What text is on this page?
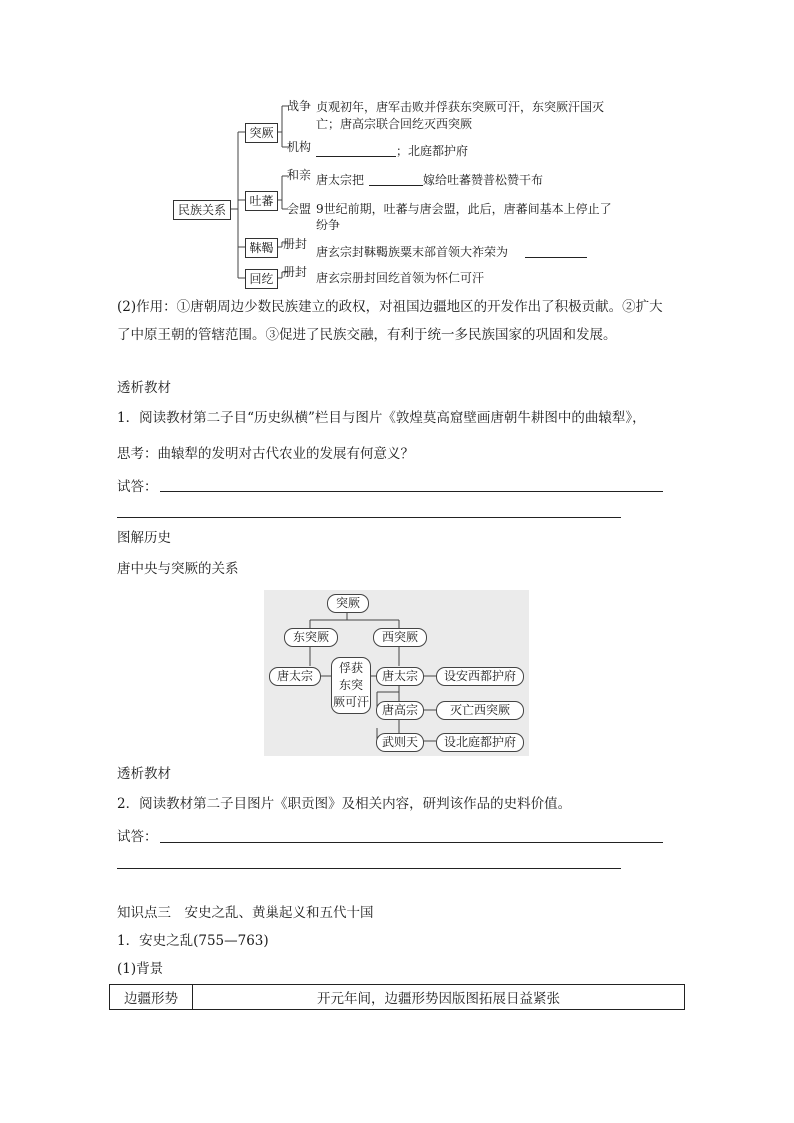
民族关系
突厥
吐蕃
靺鞨
回纥
战争 贞观初年，唐军击败并俘获东突厥可汗，东突厥汗国灭
亡；唐高宗联合回纥灭西突厥
机构	；北庭都护府
和亲 唐太宗把	嫁给吐蕃赞普松赞干布
会盟 9世纪前期，吐蕃与唐会盟，此后，唐蕃间基本上停止了
纷争
册封
唐玄宗封靺鞨族粟末部首领大祚荣为
册封 唐玄宗册封回纥首领为怀仁可汗
(2)作用：①唐朝周边少数民族建立的政权，对祖国边疆地区的开发作出了积极贡献。②扩大
了中原王朝的管辖范围。③促进了民族交融，有利于统一多民族国家的巩固和发展。
透析教材
1．阅读教材第二子目“历史纵横”栏目与图片《敦煌莫高窟壁画唐朝牛耕图中的曲辕犁》，
思考：曲辕犁的发明对古代农业的发展有何意义？
试答：
图解历史
唐中央与突厥的关系
突厥
东突厥	西突厥
唐太宗
俘获
东突
厥可汗
唐太宗
唐高宗
武则天
设安西都护府
灭亡西突厥
设北庭都护府
透析教材
2．阅读教材第二子目图片《职贡图》及相关内容，研判该作品的史料价值。
试答：
知识点三　安史之乱、黄巢起义和五代十国
1．安史之乱(755—763)
(1)背景
边疆形势	开元年间，边疆形势因版图拓展日益紧张
